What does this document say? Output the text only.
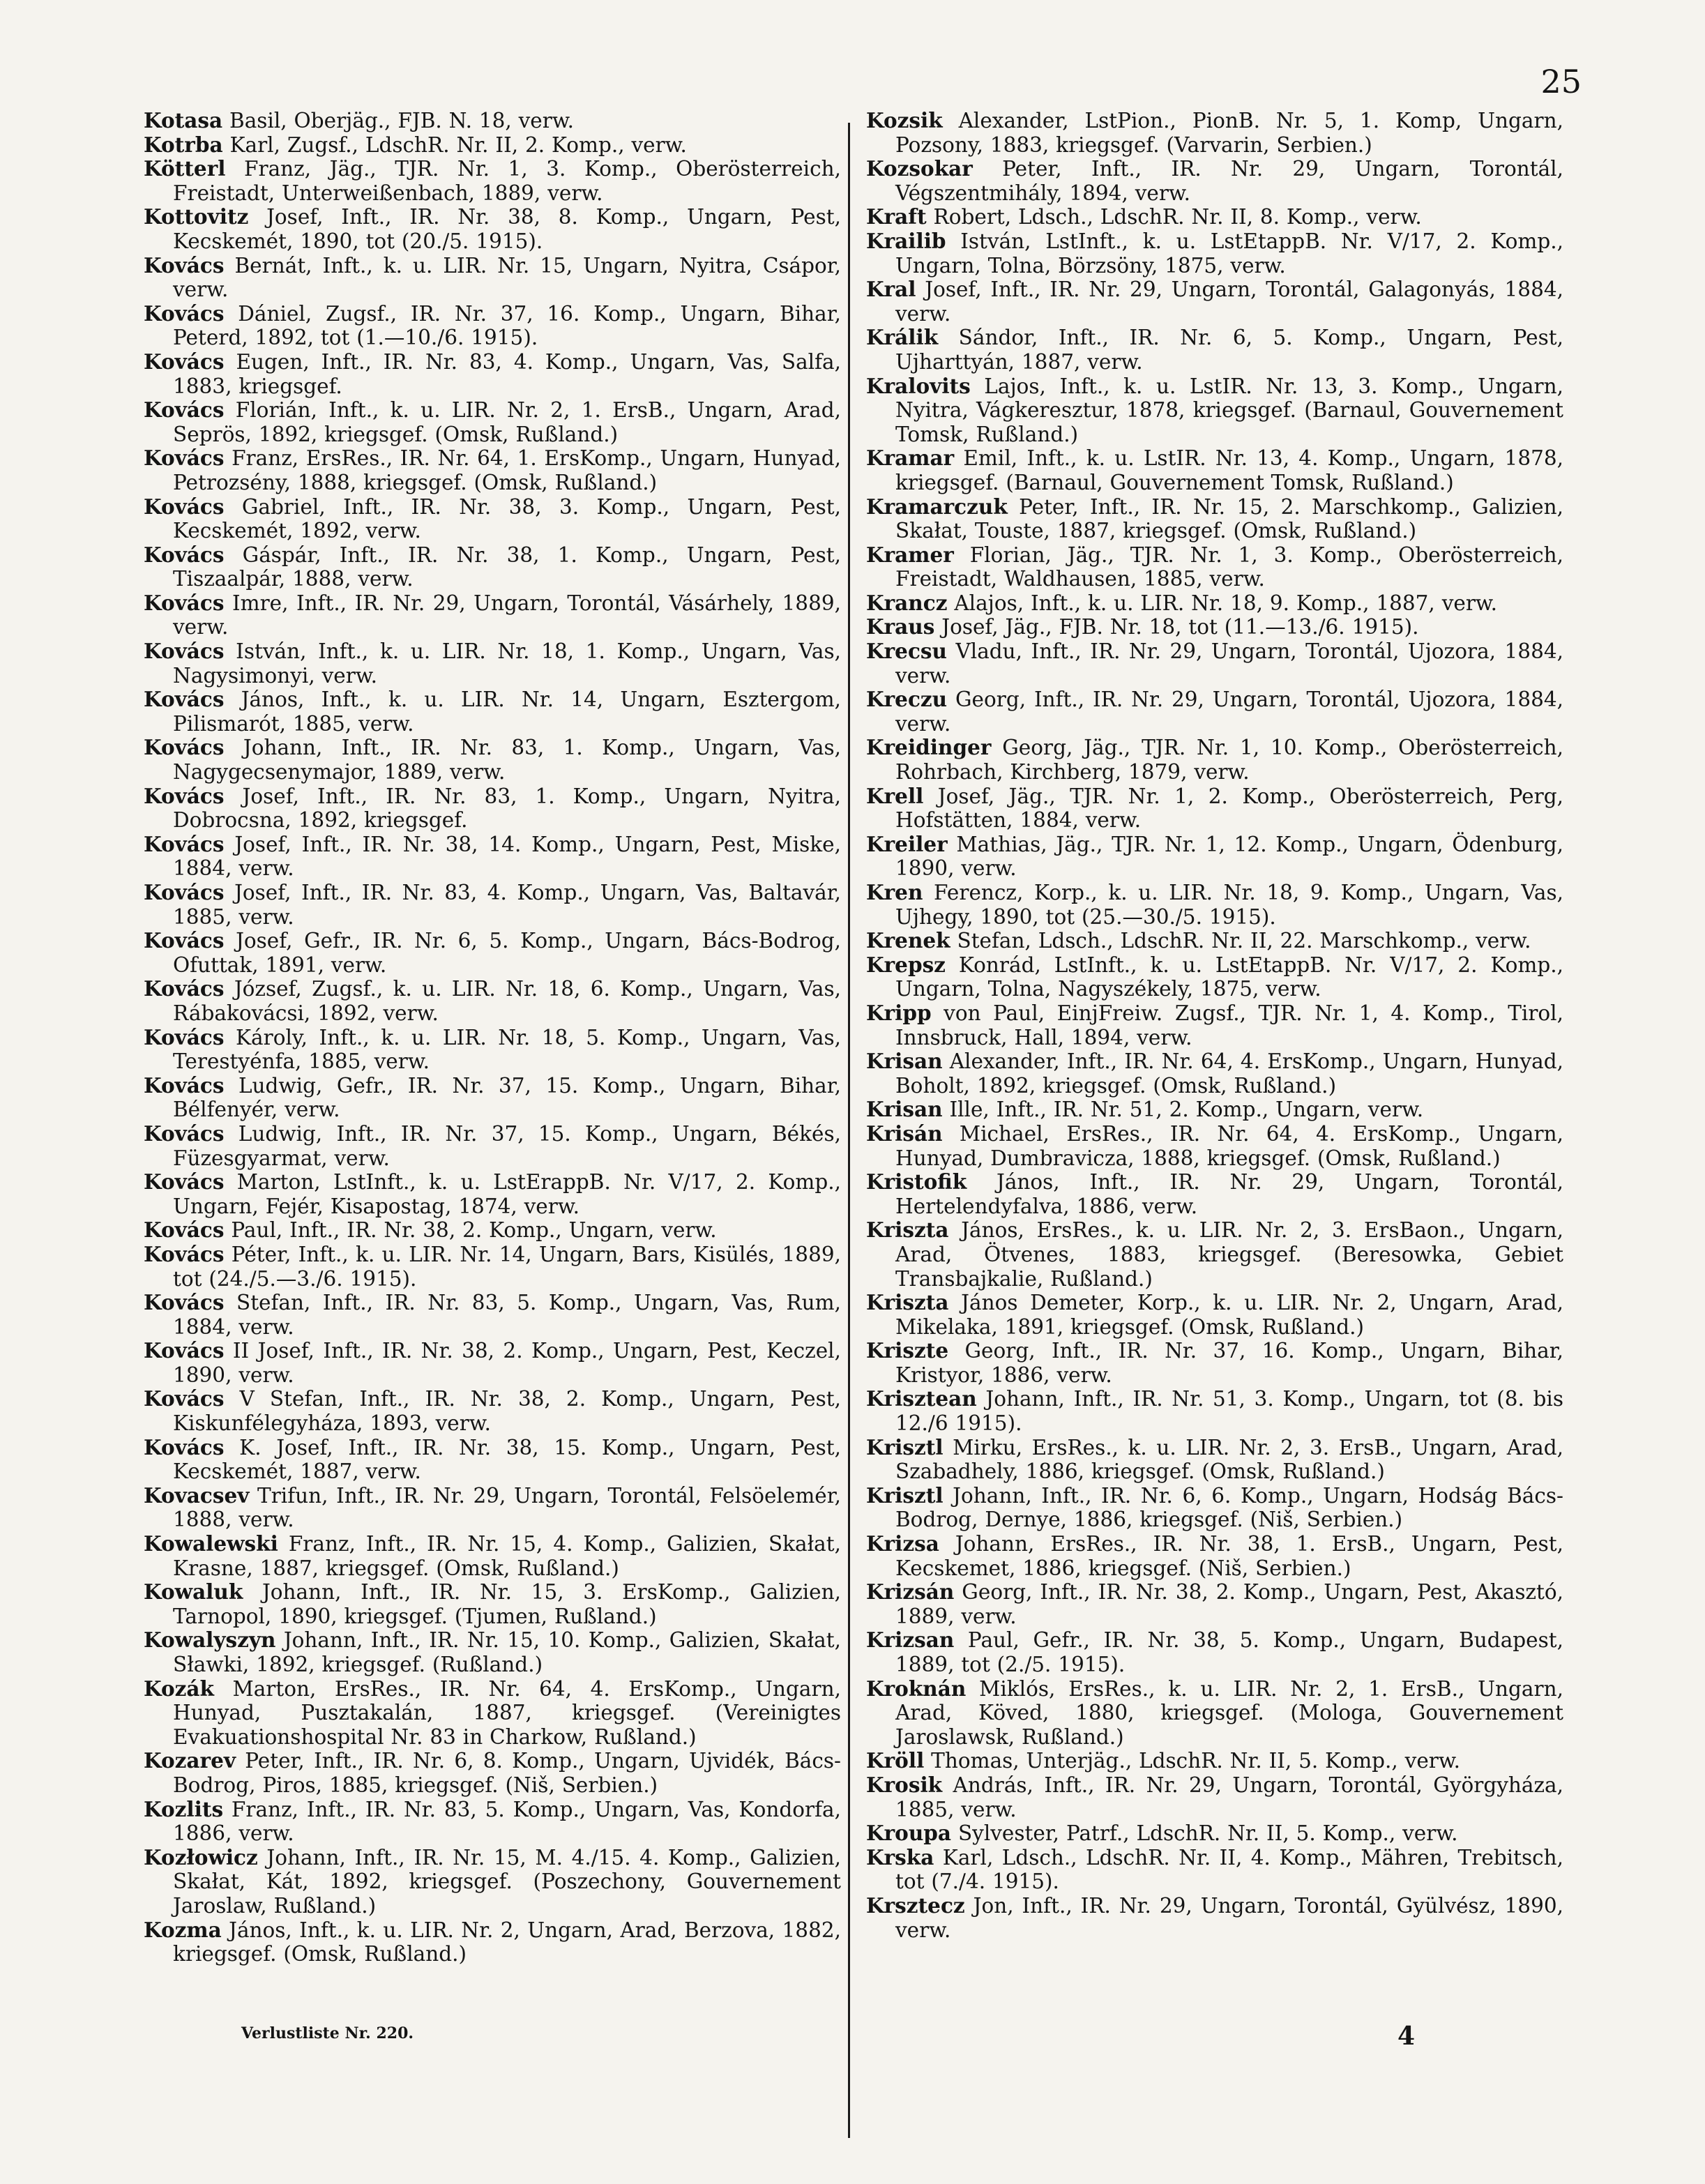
25
Kotasa Basil, Oberjäg., FJB. N. 18, verw.
Kotrba Karl, Zugsf., LdschR. Nr. II, 2. Komp., verw.
Kötterl Franz, Jäg., TJR. Nr. 1, 3. Komp., Oberösterreich, Freistadt, Unterweißenbach, 1889, verw.
Kottovitz Josef, Inft., IR. Nr. 38, 8. Komp., Ungarn, Pest, Kecskemét, 1890, tot (20./5. 1915).
Kovács Bernát, Inft., k. u. LIR. Nr. 15, Ungarn, Nyitra, Csápor, verw.
Kovács Dániel, Zugsf., IR. Nr. 37, 16. Komp., Ungarn, Bihar, Peterd, 1892, tot (1.—10./6. 1915).
Kovács Eugen, Inft., IR. Nr. 83, 4. Komp., Ungarn, Vas, Salfa, 1883, kriegsgef.
Kovács Florián, Inft., k. u. LIR. Nr. 2, 1. ErsB., Ungarn, Arad, Seprös, 1892, kriegsgef. (Omsk, Rußland.)
Kovács Franz, ErsRes., IR. Nr. 64, 1. ErsKomp., Ungarn, Hunyad, Petrozsény, 1888, kriegsgef. (Omsk, Rußland.)
Kovács Gabriel, Inft., IR. Nr. 38, 3. Komp., Ungarn, Pest, Kecskemét, 1892, verw.
Kovács Gáspár, Inft., IR. Nr. 38, 1. Komp., Ungarn, Pest, Tiszaalpár, 1888, verw.
Kovács Imre, Inft., IR. Nr. 29, Ungarn, Torontál, Vásárhely, 1889, verw.
Kovács István, Inft., k. u. LIR. Nr. 18, 1. Komp., Ungarn, Vas, Nagysimonyi, verw.
Kovács János, Inft., k. u. LIR. Nr. 14, Ungarn, Esztergom, Pilismarót, 1885, verw.
Kovács Johann, Inft., IR. Nr. 83, 1. Komp., Ungarn, Vas, Nagygecsenymajor, 1889, verw.
Kovács Josef, Inft., IR. Nr. 83, 1. Komp., Ungarn, Nyitra, Dobrocsna, 1892, kriegsgef.
Kovács Josef, Inft., IR. Nr. 38, 14. Komp., Ungarn, Pest, Miske, 1884, verw.
Kovács Josef, Inft., IR. Nr. 83, 4. Komp., Ungarn, Vas, Baltavár, 1885, verw.
Kovács Josef, Gefr., IR. Nr. 6, 5. Komp., Ungarn, Bács-Bodrog, Ofuttak, 1891, verw.
Kovács József, Zugsf., k. u. LIR. Nr. 18, 6. Komp., Ungarn, Vas, Rábakovácsi, 1892, verw.
Kovács Károly, Inft., k. u. LIR. Nr. 18, 5. Komp., Ungarn, Vas, Terestyénfa, 1885, verw.
Kovács Ludwig, Gefr., IR. Nr. 37, 15. Komp., Ungarn, Bihar, Bélfenyér, verw.
Kovács Ludwig, Inft., IR. Nr. 37, 15. Komp., Ungarn, Békés, Füzesgyarmat, verw.
Kovács Marton, LstInft., k. u. LstErappB. Nr. V/17, 2. Komp., Ungarn, Fejér, Kisapostag, 1874, verw.
Kovács Paul, Inft., IR. Nr. 38, 2. Komp., Ungarn, verw.
Kovács Péter, Inft., k. u. LIR. Nr. 14, Ungarn, Bars, Kisülés, 1889, tot (24./5.—3./6. 1915).
Kovács Stefan, Inft., IR. Nr. 83, 5. Komp., Ungarn, Vas, Rum, 1884, verw.
Kovács II Josef, Inft., IR. Nr. 38, 2. Komp., Ungarn, Pest, Keczel, 1890, verw.
Kovács V Stefan, Inft., IR. Nr. 38, 2. Komp., Ungarn, Pest, Kiskunfélegyháza, 1893, verw.
Kovács K. Josef, Inft., IR. Nr. 38, 15. Komp., Ungarn, Pest, Kecskemét, 1887, verw.
Kovacsev Trifun, Inft., IR. Nr. 29, Ungarn, Torontál, Felsöelemér, 1888, verw.
Kowalewski Franz, Inft., IR. Nr. 15, 4. Komp., Galizien, Skałat, Krasne, 1887, kriegsgef. (Omsk, Rußland.)
Kowaluk Johann, Inft., IR. Nr. 15, 3. ErsKomp., Galizien, Tarnopol, 1890, kriegsgef. (Tjumen, Rußland.)
Kowalyszyn Johann, Inft., IR. Nr. 15, 10. Komp., Galizien, Skałat, Sławki, 1892, kriegsgef. (Rußland.)
Kozák Marton, ErsRes., IR. Nr. 64, 4. ErsKomp., Ungarn, Hunyad, Pusztakalán, 1887, kriegsgef. (Vereinigtes Evakuationshospital Nr. 83 in Charkow, Rußland.)
Kozarev Peter, Inft., IR. Nr. 6, 8. Komp., Ungarn, Ujvidék, Bács-Bodrog, Piros, 1885, kriegsgef. (Niš, Serbien.)
Kozlits Franz, Inft., IR. Nr. 83, 5. Komp., Ungarn, Vas, Kondorfa, 1886, verw.
Kozłowicz Johann, Inft., IR. Nr. 15, M. 4./15. 4. Komp., Galizien, Skałat, Kát, 1892, kriegsgef. (Poszechony, Gouvernement Jaroslaw, Rußland.)
Kozma János, Inft., k. u. LIR. Nr. 2, Ungarn, Arad, Berzova, 1882, kriegsgef. (Omsk, Rußland.)
Kozsik Alexander, LstPion., PionB. Nr. 5, 1. Komp, Ungarn, Pozsony, 1883, kriegsgef. (Varvarin, Serbien.)
Kozsokar Peter, Inft., IR. Nr. 29, Ungarn, Torontál, Végszentmihály, 1894, verw.
Kraft Robert, Ldsch., LdschR. Nr. II, 8. Komp., verw.
Krailib István, LstInft., k. u. LstEtappB. Nr. V/17, 2. Komp., Ungarn, Tolna, Börzsöny, 1875, verw.
Kral Josef, Inft., IR. Nr. 29, Ungarn, Torontál, Galagonyás, 1884, verw.
Králik Sándor, Inft., IR. Nr. 6, 5. Komp., Ungarn, Pest, Ujharttyán, 1887, verw.
Kralovits Lajos, Inft., k. u. LstIR. Nr. 13, 3. Komp., Ungarn, Nyitra, Vágkeresztur, 1878, kriegsgef. (Barnaul, Gouvernement Tomsk, Rußland.)
Kramar Emil, Inft., k. u. LstIR. Nr. 13, 4. Komp., Ungarn, 1878, kriegsgef. (Barnaul, Gouvernement Tomsk, Rußland.)
Kramarczuk Peter, Inft., IR. Nr. 15, 2. Marschkomp., Galizien, Skałat, Touste, 1887, kriegsgef. (Omsk, Rußland.)
Kramer Florian, Jäg., TJR. Nr. 1, 3. Komp., Oberösterreich, Freistadt, Waldhausen, 1885, verw.
Krancz Alajos, Inft., k. u. LIR. Nr. 18, 9. Komp., 1887, verw.
Kraus Josef, Jäg., FJB. Nr. 18, tot (11.—13./6. 1915).
Krecsu Vladu, Inft., IR. Nr. 29, Ungarn, Torontál, Ujozora, 1884, verw.
Kreczu Georg, Inft., IR. Nr. 29, Ungarn, Torontál, Ujozora, 1884, verw.
Kreidinger Georg, Jäg., TJR. Nr. 1, 10. Komp., Oberösterreich, Rohrbach, Kirchberg, 1879, verw.
Krell Josef, Jäg., TJR. Nr. 1, 2. Komp., Oberösterreich, Perg, Hofstätten, 1884, verw.
Kreiler Mathias, Jäg., TJR. Nr. 1, 12. Komp., Ungarn, Ödenburg, 1890, verw.
Kren Ferencz, Korp., k. u. LIR. Nr. 18, 9. Komp., Ungarn, Vas, Ujhegy, 1890, tot (25.—30./5. 1915).
Krenek Stefan, Ldsch., LdschR. Nr. II, 22. Marschkomp., verw.
Krepsz Konrád, LstInft., k. u. LstEtappB. Nr. V/17, 2. Komp., Ungarn, Tolna, Nagyszékely, 1875, verw.
Kripp von Paul, EinjFreiw. Zugsf., TJR. Nr. 1, 4. Komp., Tirol, Innsbruck, Hall, 1894, verw.
Krisan Alexander, Inft., IR. Nr. 64, 4. ErsKomp., Ungarn, Hunyad, Boholt, 1892, kriegsgef. (Omsk, Rußland.)
Krisan Ille, Inft., IR. Nr. 51, 2. Komp., Ungarn, verw.
Krisán Michael, ErsRes., IR. Nr. 64, 4. ErsKomp., Ungarn, Hunyad, Dumbravicza, 1888, kriegsgef. (Omsk, Rußland.)
Kristofik János, Inft., IR. Nr. 29, Ungarn, Torontál, Hertelendyfalva, 1886, verw.
Kriszta János, ErsRes., k. u. LIR. Nr. 2, 3. ErsBaon., Ungarn, Arad, Ötvenes, 1883, kriegsgef. (Beresowka, Gebiet Transbajkalie, Rußland.)
Kriszta János Demeter, Korp., k. u. LIR. Nr. 2, Ungarn, Arad, Mikelaka, 1891, kriegsgef. (Omsk, Rußland.)
Kriszte Georg, Inft., IR. Nr. 37, 16. Komp., Ungarn, Bihar, Kristyor, 1886, verw.
Krisztean Johann, Inft., IR. Nr. 51, 3. Komp., Ungarn, tot (8. bis 12./6 1915).
Krisztl Mirku, ErsRes., k. u. LIR. Nr. 2, 3. ErsB., Ungarn, Arad, Szabadhely, 1886, kriegsgef. (Omsk, Rußland.)
Krisztl Johann, Inft., IR. Nr. 6, 6. Komp., Ungarn, Hodság Bács-Bodrog, Dernye, 1886, kriegsgef. (Niš, Serbien.)
Krizsa Johann, ErsRes., IR. Nr. 38, 1. ErsB., Ungarn, Pest, Kecskemet, 1886, kriegsgef. (Niš, Serbien.)
Krizsán Georg, Inft., IR. Nr. 38, 2. Komp., Ungarn, Pest, Akasztó, 1889, verw.
Krizsan Paul, Gefr., IR. Nr. 38, 5. Komp., Ungarn, Budapest, 1889, tot (2./5. 1915).
Kroknán Miklós, ErsRes., k. u. LIR. Nr. 2, 1. ErsB., Ungarn, Arad, Köved, 1880, kriegsgef. (Mologa, Gouvernement Jaroslawsk, Rußland.)
Kröll Thomas, Unterjäg., LdschR. Nr. II, 5. Komp., verw.
Krosik András, Inft., IR. Nr. 29, Ungarn, Torontál, Györgyháza, 1885, verw.
Kroupa Sylvester, Patrf., LdschR. Nr. II, 5. Komp., verw.
Krska Karl, Ldsch., LdschR. Nr. II, 4. Komp., Mähren, Trebitsch, tot (7./4. 1915).
Krsztecz Jon, Inft., IR. Nr. 29, Ungarn, Torontál, Gyülvész, 1890, verw.
Verlustliste Nr. 220.	4
